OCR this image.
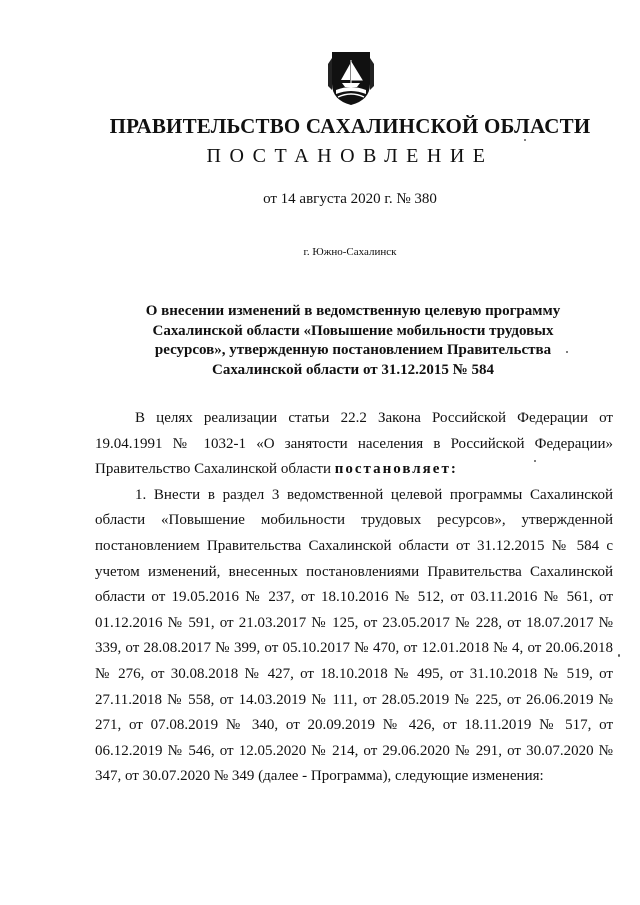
ПРАВИТЕЛЬСТВО САХАЛИНСКОЙ ОБЛАСТИ
ПОСТАНОВЛЕНИЕ
от 14 августа 2020 г. № 380
г. Южно-Сахалинск
О внесении изменений в ведомственную целевую программу
Сахалинской области «Повышение мобильности трудовых
ресурсов», утвержденную постановлением Правительства
Сахалинской области от 31.12.2015 № 584

В целях реализации статьи 22.2 Закона Российской Федерации от 19.04.1991 № 1032-1 «О занятости населения в Российской Федерации» Правительство Сахалинской области постановляет:

1. Внести в раздел 3 ведомственной целевой программы Сахалинской области «Повышение мобильности трудовых ресурсов», утвержденной постановлением Правительства Сахалинской области от 31.12.2015 № 584 с учетом изменений, внесенных постановлениями Правительства Сахалинской области от 19.05.2016 № 237, от 18.10.2016 № 512, от 03.11.2016 № 561, от 01.12.2016 № 591, от 21.03.2017 № 125, от 23.05.2017 № 228, от 18.07.2017 № 339, от 28.08.2017 № 399, от 05.10.2017 № 470, от 12.01.2018 № 4, от 20.06.2018 № 276, от 30.08.2018 № 427, от 18.10.2018 № 495, от 31.10.2018 № 519, от 27.11.2018 № 558, от 14.03.2019 № 111, от 28.05.2019 № 225, от 26.06.2019 № 271, от 07.08.2019 № 340, от 20.09.2019 № 426, от 18.11.2019 № 517, от 06.12.2019 № 546, от 12.05.2020 № 214, от 29.06.2020 № 291, от 30.07.2020 № 347, от 30.07.2020 № 349 (далее - Программа), следующие изменения:
